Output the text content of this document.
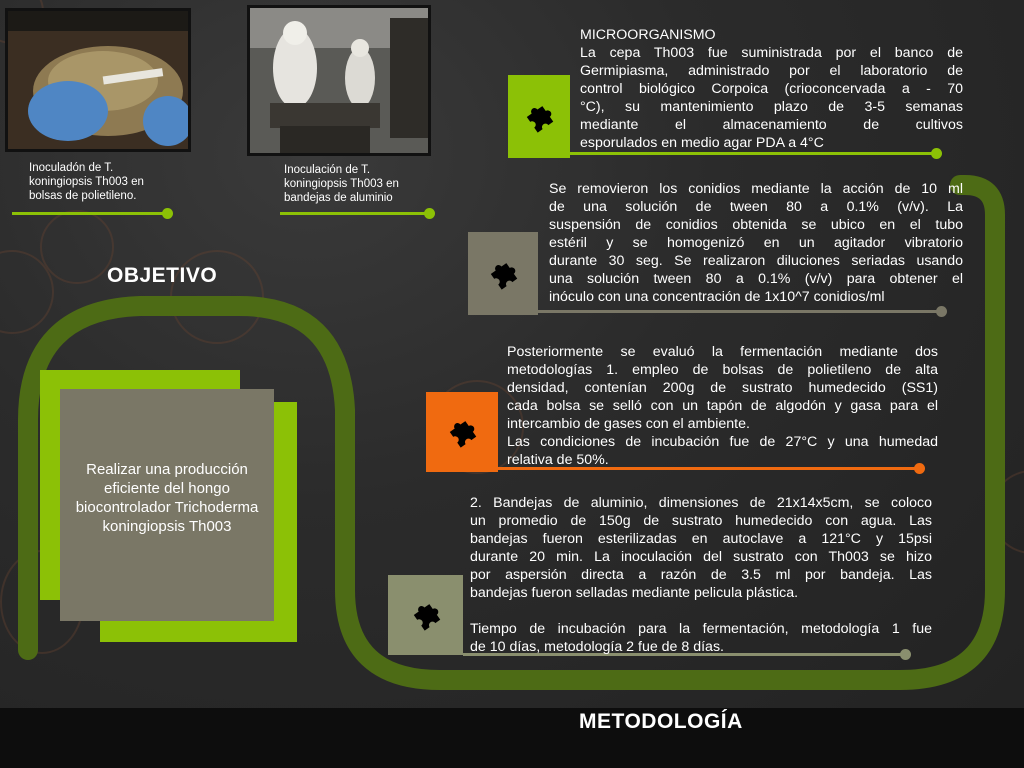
Inoculadón de T. koningiopsis Th003 en bolsas de polietileno.
Inoculación de T. koningiopsis Th003 en bandejas de aluminio
OBJETIVO
Realizar una producción eficiente del hongo biocontrolador Trichoderma koningiopsis Th003
MICROORGANISMO
La cepa Th003 fue suministrada por el banco de
Germipiasma, administrado por el laboratorio de
control biológico Corpoica (crioconcervada a - 70
°C), su mantenimiento plazo de 3-5 semanas
mediante el almacenamiento de cultivos
esporulados en medio agar PDA a 4°C
Se removieron los conidios mediante la acción de 10 ml
de una solución de tween 80 a 0.1% (v/v). La
suspensión de conidios obtenida se ubico en el tubo
estéril y se homogenizó en un agitador vibratorio
durante 30 seg. Se realizaron diluciones seriadas usando
una solución tween 80 a 0.1% (v/v) para obtener el
inóculo con una concentración de 1x10^7 conidios/ml
Posteriormente se evaluó la fermentación mediante dos
metodologías 1. empleo de bolsas de polietileno de alta
densidad, contenían 200g de sustrato humedecido (SS1)
cada bolsa se selló con un tapón de algodón y gasa para el
intercambio de gases con el ambiente.
Las condiciones de incubación fue de 27°C y una humedad
relativa de 50%.
2. Bandejas de aluminio, dimensiones de 21x14x5cm, se coloco
un promedio de 150g de sustrato humedecido con agua. Las
bandejas fueron esterilizadas en autoclave a 121°C y 15psi
durante 20 min. La inoculación del sustrato con Th003 se hizo
por aspersión directa a razón de 3.5 ml por bandeja. Las
bandejas fueron selladas mediante pelicula plástica.
Tiempo de incubación para la fermentación, metodología 1 fue
de 10 días, metodología 2 fue de 8 días.
METODOLOGÍA
